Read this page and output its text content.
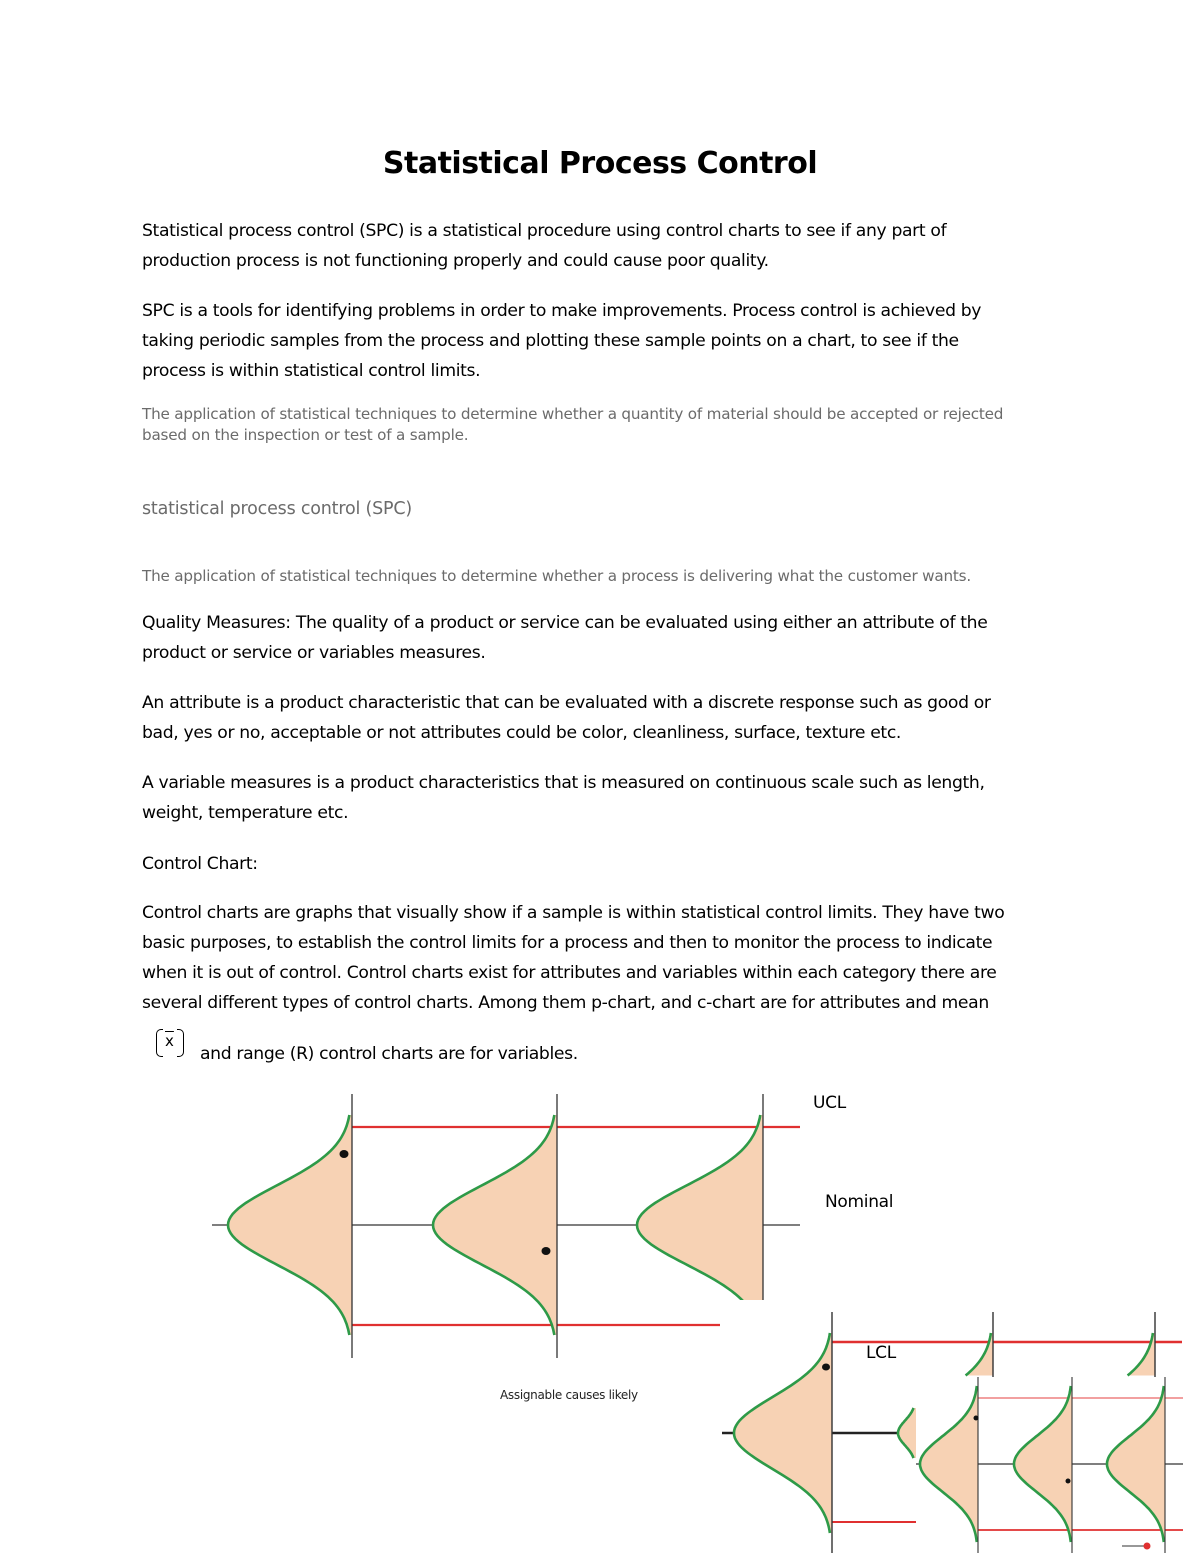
Statistical Process Control
Statistical process control (SPC) is a statistical procedure using control charts to see if any part of
production process is not functioning properly and could cause poor quality.
SPC is a tools for identifying problems in order to make improvements. Process control is achieved by
taking periodic samples from the process and plotting these sample points on a chart, to see if the
process is within statistical control limits.
The application of statistical techniques to determine whether a quantity of material should be accepted or rejected
based on the inspection or test of a sample.
statistical process control (SPC)
The application of statistical techniques to determine whether a process is delivering what the customer wants.
Quality Measures: The quality of a product or service can be evaluated using either an attribute of the
product or service or variables measures.
An attribute is a product characteristic that can be evaluated with a discrete response such as good or
bad, yes or no, acceptable or not attributes could be color, cleanliness, surface, texture etc.
A variable measures is a product characteristics that is measured on continuous scale such as length,
weight, temperature etc.
Control Chart:
Control charts are graphs that visually show if a sample is within statistical control limits. They have two
basic purposes, to establish the control limits for a process and then to monitor the process to indicate
when it is out of control. Control charts exist for attributes and variables within each category there are
several different types of control charts. Among them p-chart, and c-chart are for attributes and mean
$\overline{x}$
and range (R) control charts are for variables.
UCL
Nominal
LCL
Assignable causes likely
